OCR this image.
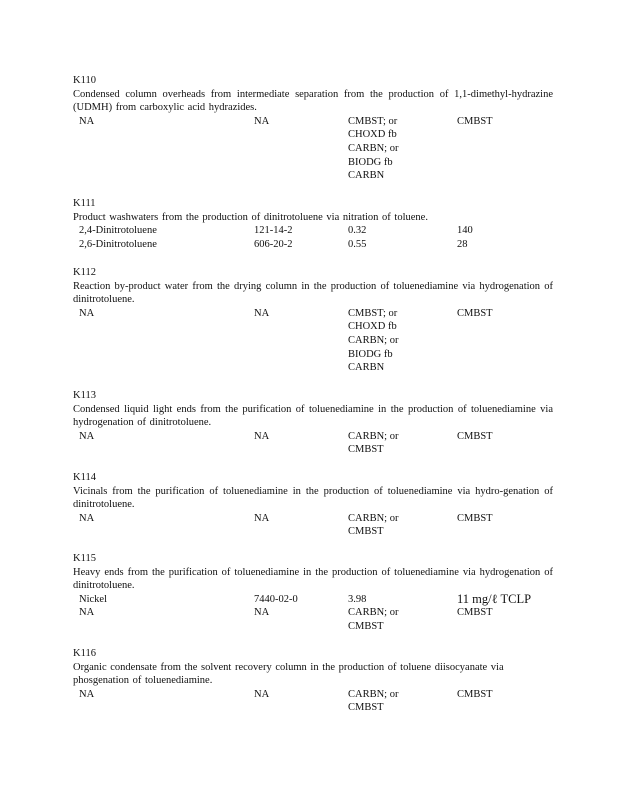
K110
Condensed column overheads from intermediate separation from the production of 1,1-dimethyl-hydrazine (UDMH) from carboxylic acid hydrazides.
NA	NA	CMBST; or	CMBST
CHOXD fb
CARBN; or
BIODG fb
CARBN
K111
Product washwaters from the production of dinitrotoluene via nitration of toluene.
2,4-Dinitrotoluene	121-14-2	0.32	140
2,6-Dinitrotoluene	606-20-2	0.55	28
K112
Reaction by-product water from the drying column in the production of toluenediamine via hydrogenation of dinitrotoluene.
NA	NA	CMBST; or	CMBST
CHOXD fb
CARBN; or
BIODG fb
CARBN
K113
Condensed liquid light ends from the purification of toluenediamine in the production of toluenediamine via hydrogenation of dinitrotoluene.
NA	NA	CARBN; or	CMBST
CMBST
K114
Vicinals from the purification of toluenediamine in the production of toluenediamine via hydro-genation of dinitrotoluene.
NA	NA	CARBN; or	CMBST
CMBST
K115
Heavy ends from the purification of toluenediamine in the production of toluenediamine via hydrogenation of dinitrotoluene.
Nickel	7440-02-0	3.98	11 mg/ℓ TCLP
NA	NA	CARBN; or	CMBST
CMBST
K116
Organic condensate from the solvent recovery column in the production of toluene diisocyanate via phosgenation of toluenediamine.
NA	NA	CARBN; or	CMBST
CMBST
